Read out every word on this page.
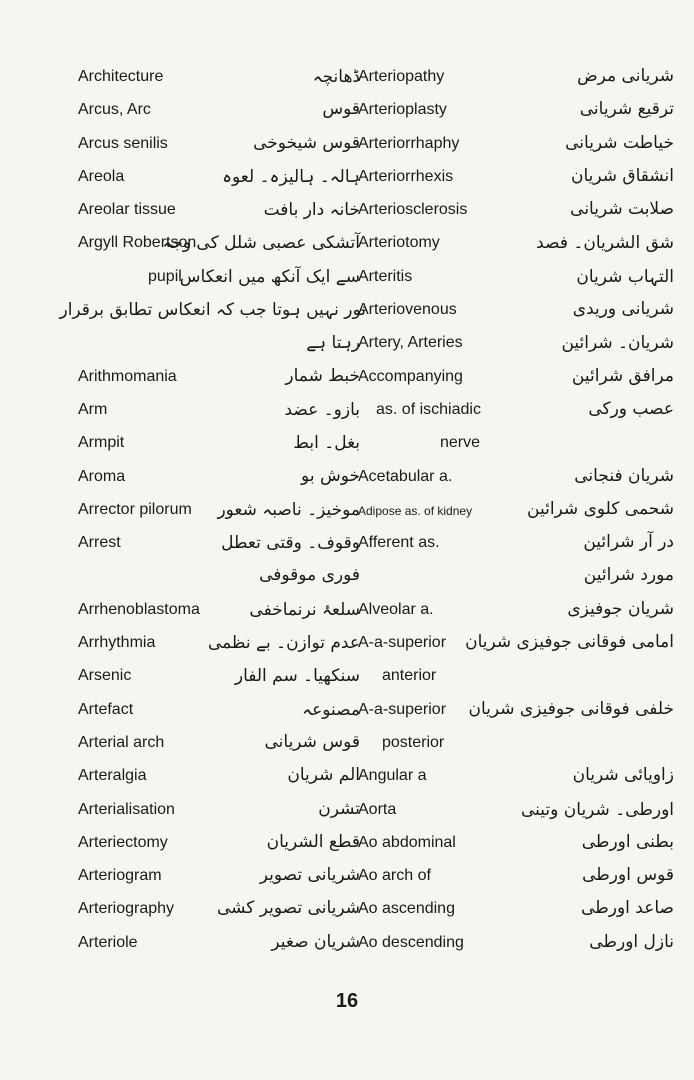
Architecture	ڈھانچہ
Arcus, Arc	قوس
Arcus senilis	قوس شیخوخی
Areola	ہالہ۔ ہالیزہ۔ لعوہ
Areolar tissue	خانہ دار بافت
Argyll Robertson
آتشکی عصبی شلل کی وجہ
pupil
سے ایک آنکھ میں انعکاس
نور نہیں ہوتا جب کہ انعکاس تطابق برقرار
رہتا ہے
Arithmomania	خبط شمار
Arm	بازو۔ عضد
Armpit	بغل۔ ابط
Aroma	خوش بو
Arrector pilorum موخیز۔ ناصبہ شعور
Arrest	وقوف۔ وقتی تعطل
فوری موقوفی
Arrhenoblastoma	سلعۂ نرنماخفی
Arrhythmia	عدم توازن۔ بے نظمی
Arsenic	سنکھیا۔ سم الفار
Artefact	مصنوعہ
Arterial arch	قوس شریانی
Arteralgia	الم شریان
Arterialisation	تشرن
Arteriectomy	قطع الشریان
Arteriogram	شریانی تصویر
Arteriography	شریانی تصویر کشی
Arteriole	شریان صغیر
Arteriopathy	شریانی مرض
Arterioplasty	ترقیع شریانی
Arteriorrhaphy	خیاطت شریانی
Arteriorrhexis	انشقاق شریان
Arteriosclerosis	صلابت شریانی
Arteriotomy	شق الشریان۔ فصد
Arteritis	التہاب شریان
Arteriovenous	شریانی وریدی
Artery, Arteries	شریان۔ شرائین
Accompanying	مرافق شرائین
as. of ischiadic	عصب ورکی
nerve
Acetabular a.	شریان فنجانی
Adipose as. of kidney	شحمی کلوی شرائین
Afferent as.	در آر شرائین
مورد شرائین
Alveolar a.	شریان جوفیزی
A-a-superior امامی فوقانی جوفیزی شریان
anterior
A-a-superior خلفی فوقانی جوفیزی شریان
posterior
Angular a	زاویائی شریان
Aorta	اورطی۔ شریان وتینی
Ao abdominal	بطنی اورطی
Ao arch of	قوس اورطی
Ao ascending	صاعد اورطی
Ao descending	نازل اورطی
16
